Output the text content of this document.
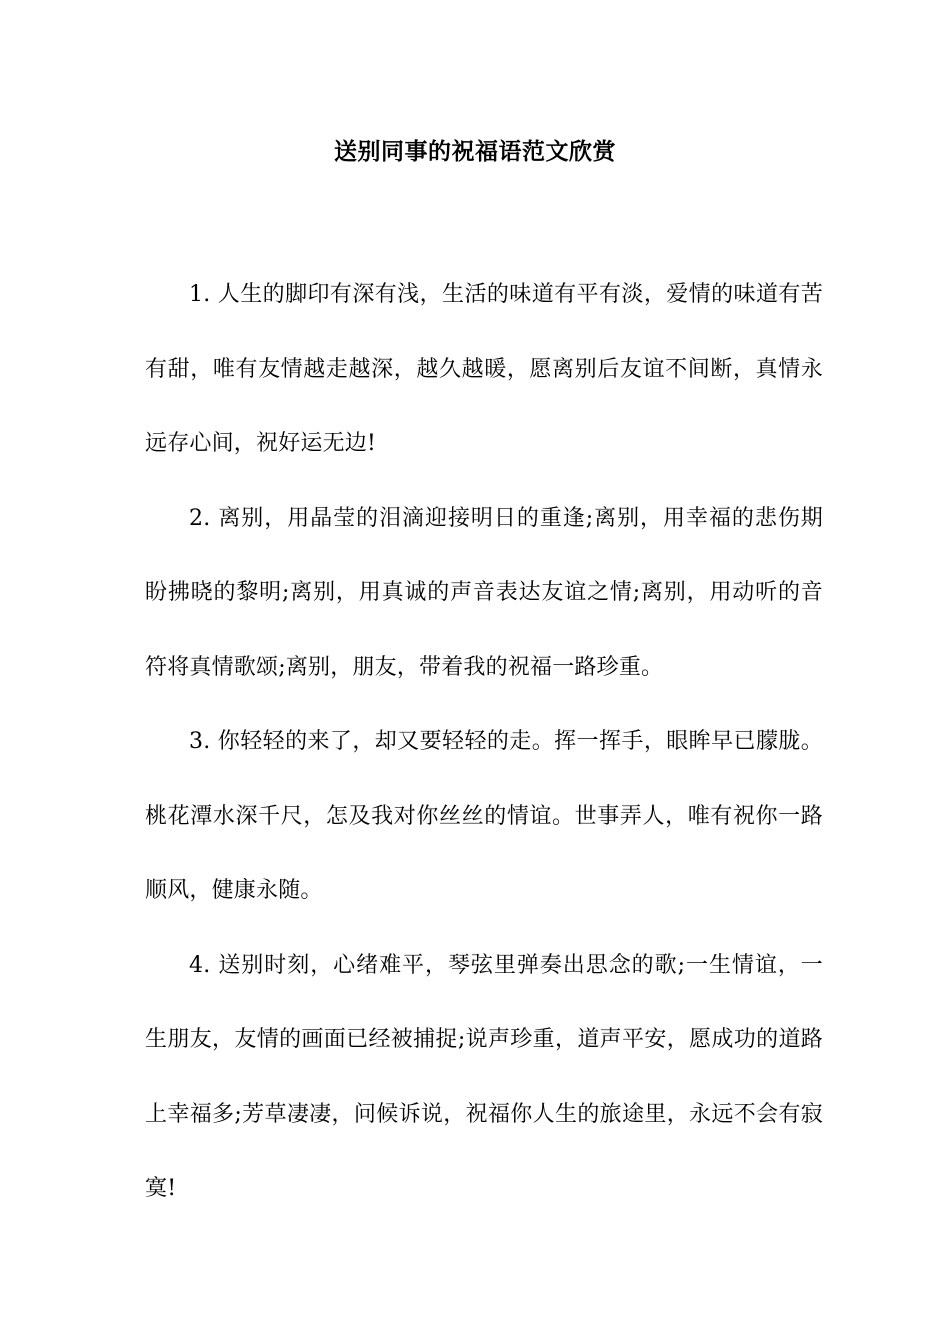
送别同事的祝福语范文欣赏

1. 人生的脚印有深有浅，生活的味道有平有淡，爱情的味道有苦有甜，唯有友情越走越深，越久越暖，愿离别后友谊不间断，真情永远存心间，祝好运无边!

2. 离别，用晶莹的泪滴迎接明日的重逢;离别，用幸福的悲伤期盼拂晓的黎明;离别，用真诚的声音表达友谊之情;离别，用动听的音符将真情歌颂;离别，朋友，带着我的祝福一路珍重。

3. 你轻轻的来了，却又要轻轻的走。挥一挥手，眼眸早已朦胧。桃花潭水深千尺，怎及我对你丝丝的情谊。世事弄人，唯有祝你一路顺风，健康永随。

4. 送别时刻，心绪难平，琴弦里弹奏出思念的歌;一生情谊，一生朋友，友情的画面已经被捕捉;说声珍重，道声平安，愿成功的道路上幸福多;芳草凄凄，问候诉说，祝福你人生的旅途里，永远不会有寂寞!
